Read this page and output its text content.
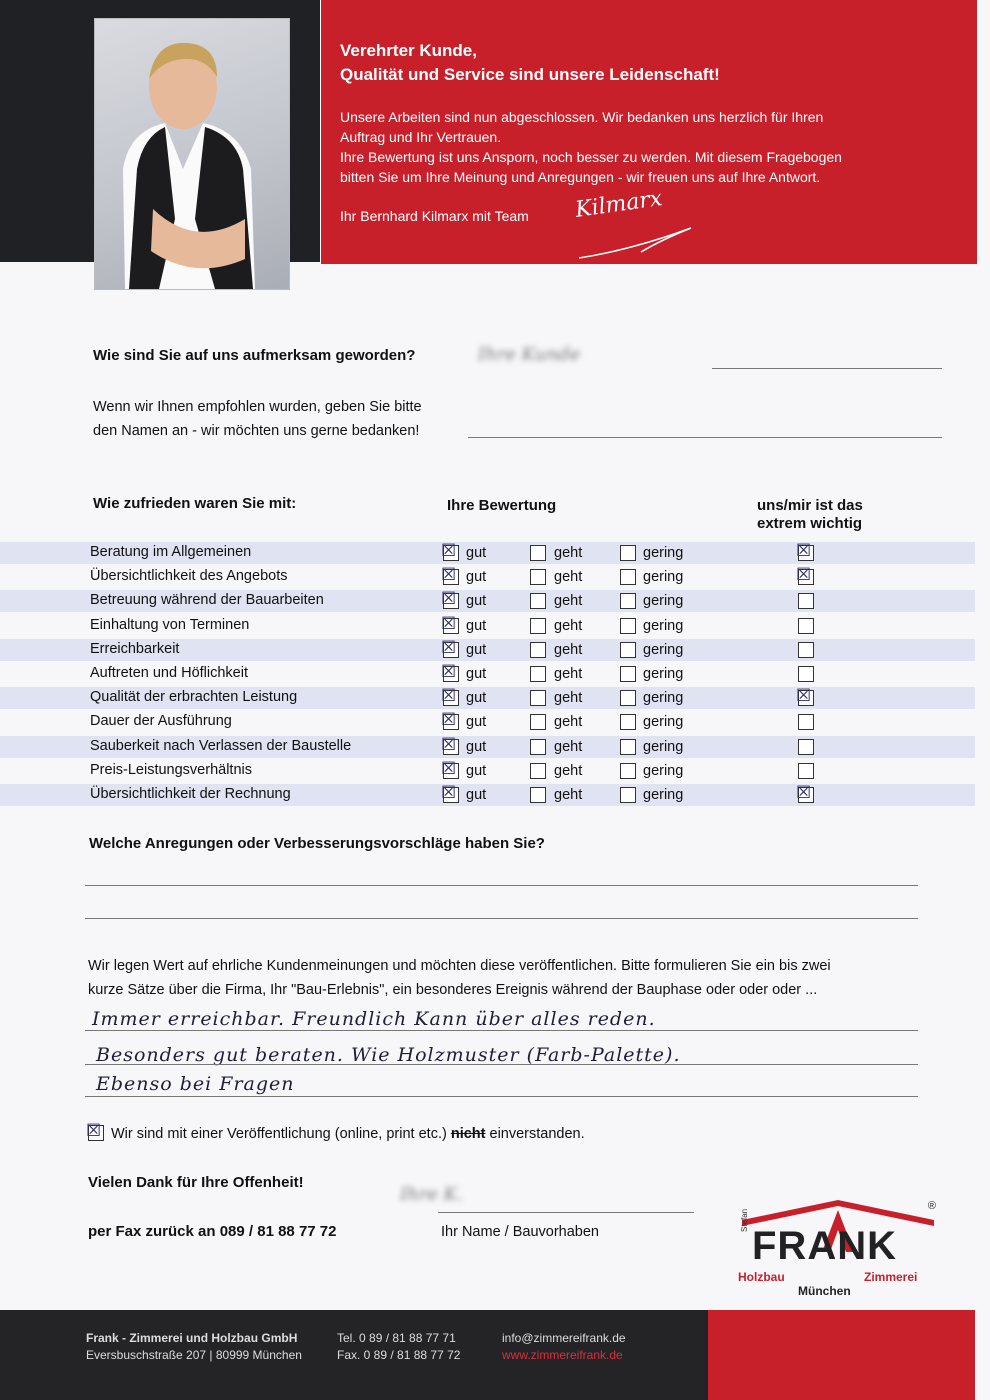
Verehrter Kunde,
Qualität und Service sind unsere Leidenschaft!
Unsere Arbeiten sind nun abgeschlossen. Wir bedanken uns herzlich für Ihren
Auftrag und Ihr Vertrauen.
Ihre Bewertung ist uns Ansporn, noch besser zu werden. Mit diesem Fragebogen
bitten Sie um Ihre Meinung und Anregungen - wir freuen uns auf Ihre Antwort.
Ihr Bernhard Kilmarx mit Team Kilmarx
Wie sind Sie auf uns aufmerksam geworden?	Ihre Kunde
Wenn wir Ihnen empfohlen wurden, geben Sie bitte
den Namen an - wir möchten uns gerne bedanken!
Wie zufrieden waren Sie mit:	Ihre Bewertung	uns/mir ist das
extrem wichtig
Beratung im Allgemeinen	☒ gut	geht	gering	☒
Übersichtlichkeit des Angebots	☒ gut	geht	gering	☒
Betreuung während der Bauarbeiten	☒ gut	geht	gering
Einhaltung von Terminen	☒ gut	geht	gering
Erreichbarkeit	☒ gut	geht	gering
Auftreten und Höflichkeit	☒ gut	geht	gering
Qualität der erbrachten Leistung	☒ gut	geht	gering	☒
Dauer der Ausführung	☒ gut	geht	gering
Sauberkeit nach Verlassen der Baustelle	☒ gut	geht	gering
Preis-Leistungsverhältnis	☒ gut	geht	gering
Übersichtlichkeit der Rechnung	☒ gut	geht	gering	☒
Welche Anregungen oder Verbesserungsvorschläge haben Sie?
Wir legen Wert auf ehrliche Kundenmeinungen und möchten diese veröffentlichen. Bitte formulieren Sie ein bis zwei
kurze Sätze über die Firma, Ihr "Bau-Erlebnis", ein besonderes Ereignis während der Bauphase oder oder oder ...
Immer erreichbar. Freundlich Kann über alles reden.
Besonders gut beraten. Wie Holzmuster (Farb-Palette).
Ebenso bei Fragen
☒ Wir sind mit einer Veröffentlichung (online, print etc.) nicht einverstanden.
Vielen Dank für Ihre Offenheit!
Ihre K.
per Fax zurück an 089 / 81 88 77 72	Ihr Name / Bauvorhaben
®
Stefan
FRANK
Holzbau	Zimmerei
München
Frank - Zimmerei und Holzbau GmbH
Eversbuschstraße 207 | 80999 München
Tel. 0 89 / 81 88 77 71
Fax. 0 89 / 81 88 77 72
info@zimmereifrank.de
www.zimmereifrank.de
